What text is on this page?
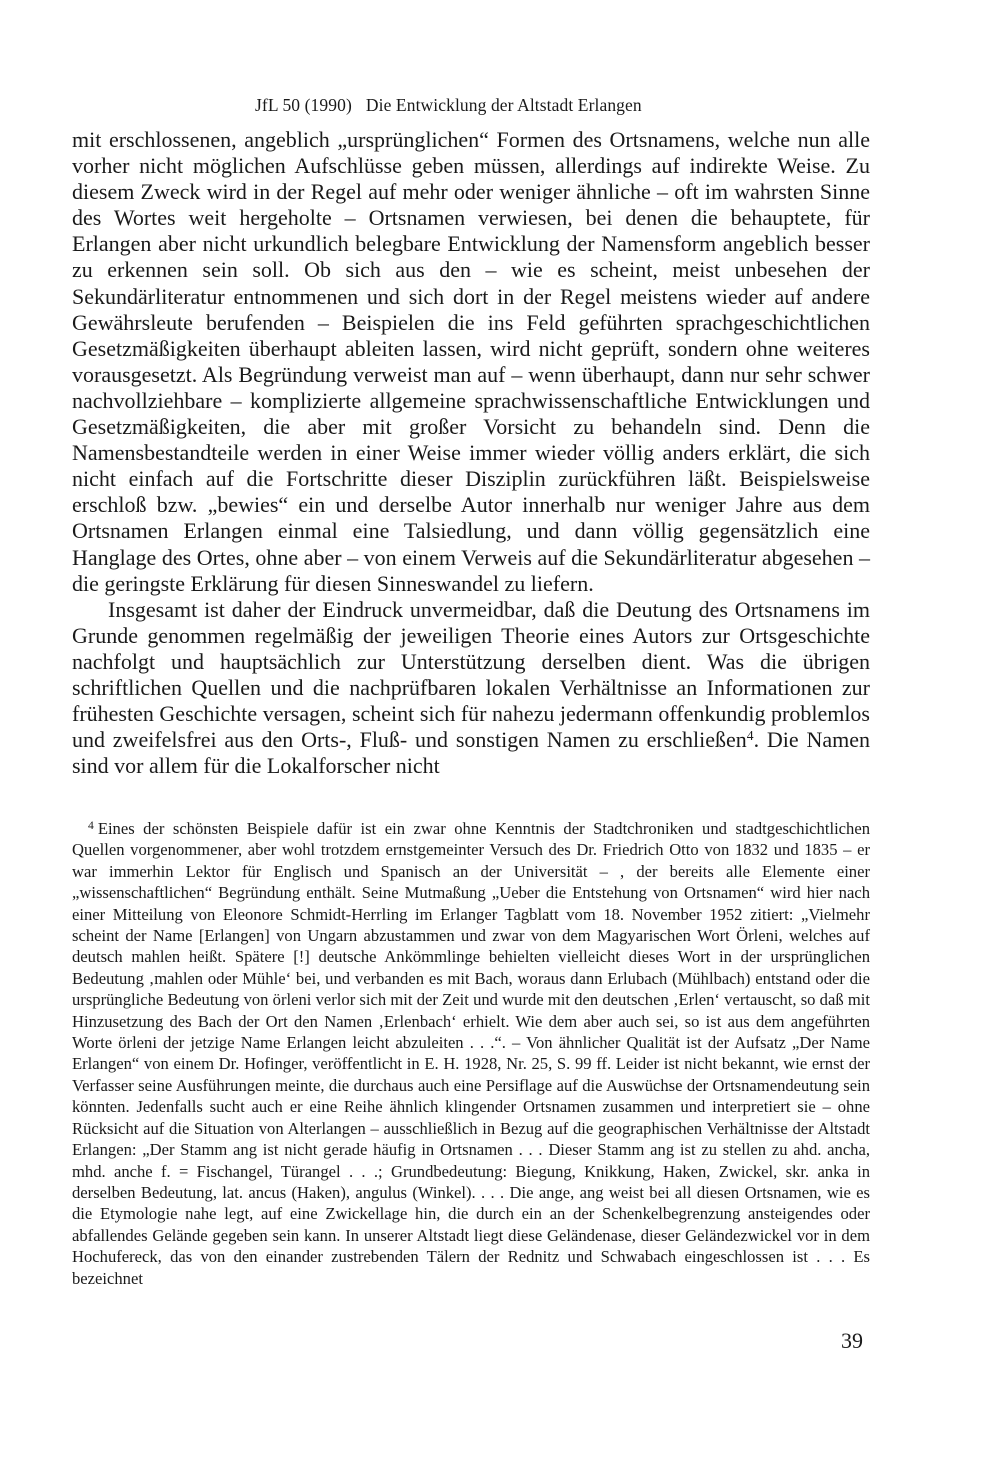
JfL 50 (1990) Die Entwicklung der Altstadt Erlangen

mit erschlossenen, angeblich „ursprünglichen“ Formen des Ortsnamens, welche nun alle vorher nicht möglichen Aufschlüsse geben müssen, allerdings auf indirekte Weise. Zu diesem Zweck wird in der Regel auf mehr oder weniger ähnliche – oft im wahrsten Sinne des Wortes weit hergeholte – Ortsnamen verwiesen, bei denen die behauptete, für Erlangen aber nicht urkundlich belegbare Entwicklung der Namensform angeblich besser zu erkennen sein soll. Ob sich aus den – wie es scheint, meist unbesehen der Sekundärliteratur entnommenen und sich dort in der Regel meistens wieder auf andere Gewährsleute berufenden – Beispielen die ins Feld geführten sprachgeschichtlichen Gesetzmäßigkeiten überhaupt ableiten lassen, wird nicht geprüft, sondern ohne weiteres vorausgesetzt. Als Begründung verweist man auf – wenn überhaupt, dann nur sehr schwer nachvollziehbare – komplizierte allgemeine sprachwissenschaftliche Entwicklungen und Gesetzmäßigkeiten, die aber mit großer Vorsicht zu behandeln sind. Denn die Namensbestandteile werden in einer Weise immer wieder völlig anders erklärt, die sich nicht einfach auf die Fortschritte dieser Disziplin zurückführen läßt. Beispielsweise erschloß bzw. „bewies“ ein und derselbe Autor innerhalb nur weniger Jahre aus dem Ortsnamen Erlangen einmal eine Talsiedlung, und dann völlig gegensätzlich eine Hanglage des Ortes, ohne aber – von einem Verweis auf die Sekundärliteratur abgesehen – die geringste Erklärung für diesen Sinneswandel zu liefern.

Insgesamt ist daher der Eindruck unvermeidbar, daß die Deutung des Ortsnamens im Grunde genommen regelmäßig der jeweiligen Theorie eines Autors zur Ortsgeschichte nachfolgt und hauptsächlich zur Unterstützung derselben dient. Was die übrigen schriftlichen Quellen und die nachprüfbaren lokalen Verhältnisse an Informationen zur frühesten Geschichte versagen, scheint sich für nahezu jedermann offenkundig problemlos und zweifelsfrei aus den Orts-, Fluß- und sonstigen Namen zu erschließen$^4$. Die Namen sind vor allem für die Lokalforscher nicht

$^4$ Eines der schönsten Beispiele dafür ist ein zwar ohne Kenntnis der Stadtchroniken und stadtgeschichtlichen Quellen vorgenommener, aber wohl trotzdem ernstgemeinter Versuch des Dr. Friedrich Otto von 1832 und 1835 – er war immerhin Lektor für Englisch und Spanisch an der Universität – , der bereits alle Elemente einer „wissenschaftlichen“ Begründung enthält. Seine Mutmaßung „Ueber die Entstehung von Ortsnamen“ wird hier nach einer Mitteilung von Eleonore Schmidt-Herrling im Erlanger Tagblatt vom 18. November 1952 zitiert: „Vielmehr scheint der Name [Erlangen] von Ungarn abzustammen und zwar von dem Magyarischen Wort Örleni, welches auf deutsch mahlen heißt. Spätere [!] deutsche Ankömmlinge behielten vielleicht dieses Wort in der ursprünglichen Bedeutung ‚mahlen oder Mühle‘ bei, und verbanden es mit Bach, woraus dann Erlubach (Mühlbach) entstand oder die ursprüngliche Bedeutung von örleni verlor sich mit der Zeit und wurde mit den deutschen ‚Erlen‘ vertauscht, so daß mit Hinzusetzung des Bach der Ort den Namen ‚Erlenbach‘ erhielt. Wie dem aber auch sei, so ist aus dem angeführten Worte örleni der jetzige Name Erlangen leicht abzuleiten . . .“. – Von ähnlicher Qualität ist der Aufsatz „Der Name Erlangen“ von einem Dr. Hofinger, veröffentlicht in E. H. 1928, Nr. 25, S. 99 ff. Leider ist nicht bekannt, wie ernst der Verfasser seine Ausführungen meinte, die durchaus auch eine Persiflage auf die Auswüchse der Ortsnamendeutung sein könnten. Jedenfalls sucht auch er eine Reihe ähnlich klingender Ortsnamen zusammen und interpretiert sie – ohne Rücksicht auf die Situation von Alterlangen – ausschließlich in Bezug auf die geographischen Verhältnisse der Altstadt Erlangen: „Der Stamm ang ist nicht gerade häufig in Ortsnamen . . . Dieser Stamm ang ist zu stellen zu ahd. ancha, mhd. anche f. = Fischangel, Türangel . . .; Grundbedeutung: Biegung, Knikkung, Haken, Zwickel, skr. anka in derselben Bedeutung, lat. ancus (Haken), angulus (Winkel). . . . Die ange, ang weist bei all diesen Ortsnamen, wie es die Etymologie nahe legt, auf eine Zwickellage hin, die durch ein an der Schenkelbegrenzung ansteigendes oder abfallendes Gelände gegeben sein kann. In unserer Altstadt liegt diese Geländenase, dieser Geländezwickel vor in dem Hochufereck, das von den einander zustrebenden Tälern der Rednitz und Schwabach eingeschlossen ist . . . Es bezeichnet

39
